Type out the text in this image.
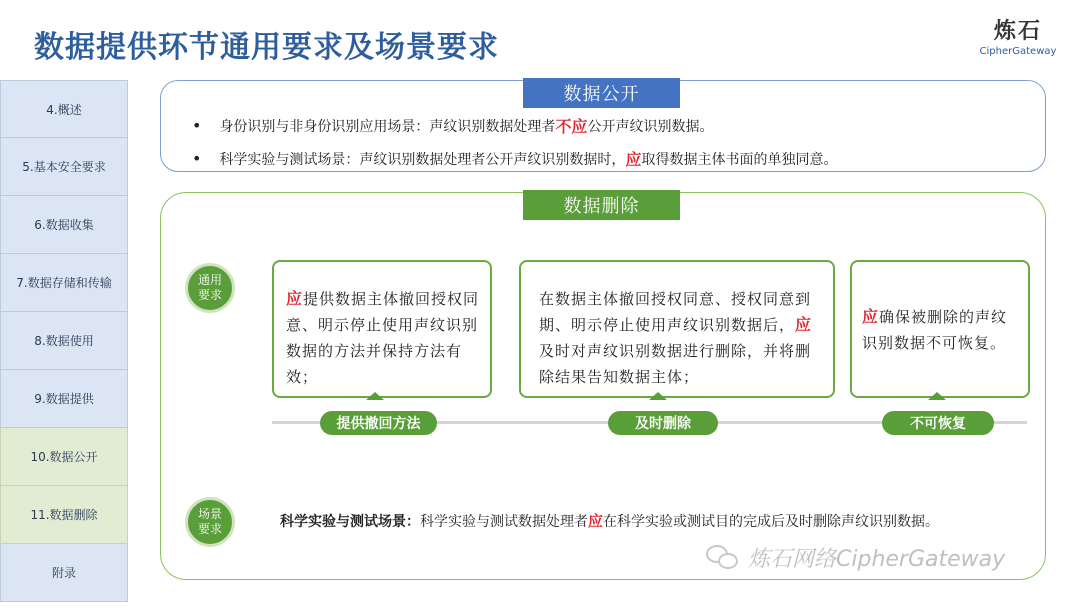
数据提供环节通用要求及场景要求	炼石
CipherGateway
4.概述
5.基本安全要求
6.数据收集
7.数据存储和传输
8.数据使用
9.数据提供
10.数据公开
11.数据删除
附录
数据公开
• 身份识别与非身份识别应用场景：声纹识别数据处理者 不应 公开声纹识别数据。
• 科学实验与测试场景：声纹识别数据处理者公开声纹识别数据时， 应 取得数据主体书面的单独同意。
数据删除
通用
要求	应提供数据主体撤回授权同意、明示停止使用声纹识别数据的方法并保持方法有效；
在数据主体撤回授权同意、授权同意到期、明示停止使用声纹识别数据后，应及时对声纹识别数据进行删除，并将删除结果告知数据主体；
应确保被删除的声纹识别数据不可恢复。
提供撤回方法	及时删除	不可恢复
场景
要求	科学实验与测试场景：科学实验与测试数据处理者应在科学实验或测试目的完成后及时删除声纹识别数据。
炼石网络CipherGateway
